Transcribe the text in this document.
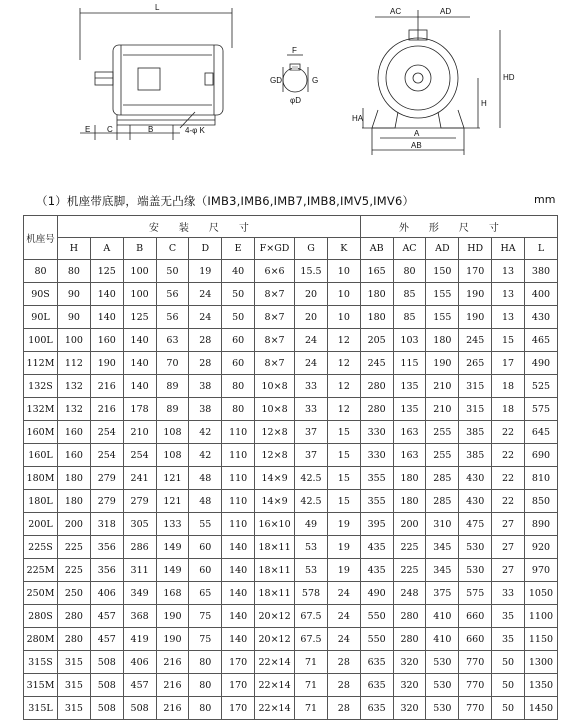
L
E C	B	4-φ K
F
GD	G
φD
AC	AD
HD
H
HA
A
AB
（1）机座带底脚，端盖无凸缘（IMB3,IMB6,IMB7,IMB8,IMV5,IMV6）	mm
机座号	安装尺寸									外形尺寸					
	H	A	B	C	D	E	F×GD	G	K	AB	AC	AD	HD	HA	L
80	80	125	100	50	19	40	6×6	15.5	10	165	80	150	170	13	380
90S	90	140	100	56	24	50	8×7	20	10	180	85	155	190	13	400
90L	90	140	125	56	24	50	8×7	20	10	180	85	155	190	13	430
100L	100	160	140	63	28	60	8×7	24	12	205	103	180	245	15	465
112M	112	190	140	70	28	60	8×7	24	12	245	115	190	265	17	490
132S	132	216	140	89	38	80	10×8	33	12	280	135	210	315	18	525
132M	132	216	178	89	38	80	10×8	33	12	280	135	210	315	18	575
160M	160	254	210	108	42	110	12×8	37	15	330	163	255	385	22	645
160L	160	254	254	108	42	110	12×8	37	15	330	163	255	385	22	690
180M	180	279	241	121	48	110	14×9	42.5	15	355	180	285	430	22	810
180L	180	279	279	121	48	110	14×9	42.5	15	355	180	285	430	22	850
200L	200	318	305	133	55	110	16×10	49	19	395	200	310	475	27	890
225S	225	356	286	149	60	140	18×11	53	19	435	225	345	530	27	920
225M	225	356	311	149	60	140	18×11	53	19	435	225	345	530	27	970
250M	250	406	349	168	65	140	18×11	578	24	490	248	375	575	33	1050
280S	280	457	368	190	75	140	20×12	67.5	24	550	280	410	660	35	1100
280M	280	457	419	190	75	140	20×12	67.5	24	550	280	410	660	35	1150
315S	315	508	406	216	80	170	22×14	71	28	635	320	530	770	50	1300
315M	315	508	457	216	80	170	22×14	71	28	635	320	530	770	50	1350
315L	315	508	508	216	80	170	22×14	71	28	635	320	530	770	50	1450
